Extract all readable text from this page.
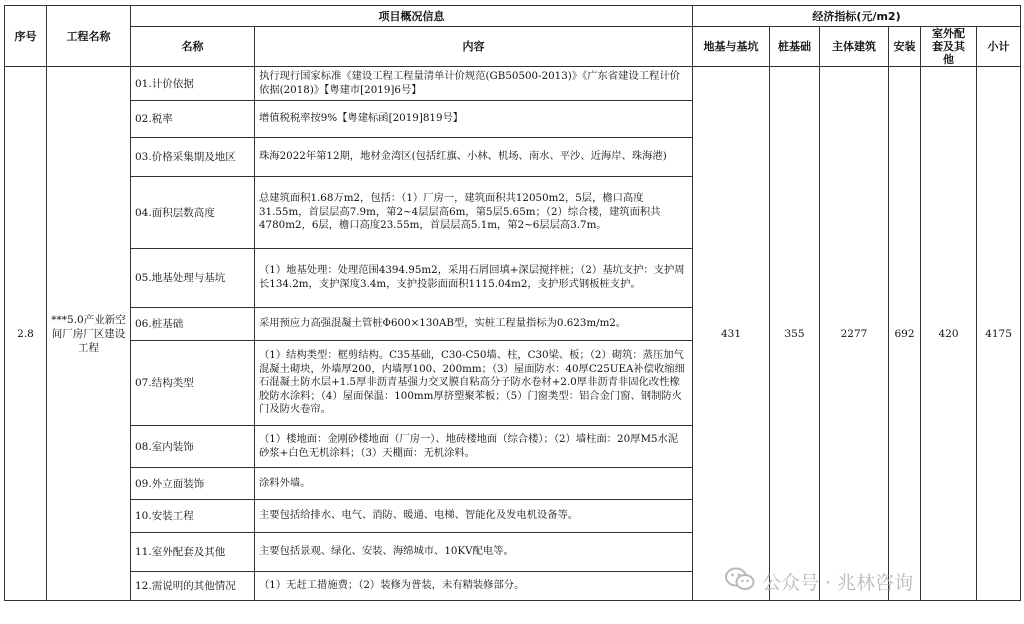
序号	工程名称	项目概况信息		经济指标(元/m2)					
		名称	内容	地基与基坑	桩基础	主体建筑	安装	室外配套及其他	小计
2.8	***5.0产业新空间厂房厂区建设工程	01.计价依据	执行现行国家标准《建设工程工程量清单计价规范(GB50500-2013)》《广东省建设工程计价依据(2018)》【粤建市[2019]6号】	431	355	2277	692	420	4175
		02.税率	增值税税率按9%【粤建标函[2019]819号】						
		03.价格采集期及地区	珠海2022年第12期，地材金湾区(包括红旗、小林、机场、南水、平沙、近海岸、珠海港)						
		04.面积层数高度	总建筑面积1.68万m2，包括：（1）厂房一，建筑面积共12050m2，5层，檐口高度31.55m，首层层高7.9m，第2~4层层高6m，第5层5.65m；（2）综合楼，建筑面积共4780m2，6层，檐口高度23.55m，首层层高5.1m，第2~6层层高3.7m。						
		05.地基处理与基坑	（1）地基处理：处理范围4394.95m2，采用石屑回填+深层搅拌桩；（2）基坑支护：支护周长134.2m，支护深度3.4m，支护投影面面积1115.04m2，支护形式钢板桩支护。						
		06.桩基础	采用预应力高强混凝土管桩Φ600×130AB型，实桩工程量指标为0.623m/m2。						
		07.结构类型	（1）结构类型：框剪结构。C35基础，C30-C50墙、柱，C30梁、板；（2）砌筑：蒸压加气混凝土砌块，外墙厚200，内墙厚100、200mm；（3）屋面防水：40厚C25UEA补偿收缩细石混凝土防水层+1.5厚非沥青基强力交叉膜自粘高分子防水卷材+2.0厚非沥青非固化改性橡胶防水涂料；（4）屋面保温：100mm厚挤塑聚苯板；（5）门窗类型：铝合金门窗、钢制防火门及防火卷帘。						
		08.室内装饰	（1）楼地面：金刚砂楼地面（厂房一）、地砖楼地面（综合楼）；（2）墙柱面：20厚M5水泥砂浆+白色无机涂料；（3）天棚面：无机涂料。						
		09.外立面装饰	涂料外墙。						
		10.安装工程	主要包括给排水、电气、消防、暖通、电梯、智能化及发电机设备等。						
		11.室外配套及其他	主要包括景观、绿化、安装、海绵城市、10KV配电等。						
		12.需说明的其他情况	（1）无赶工措施费；（2）装修为普装，未有精装修部分。							公众号 · 兆林咨询
